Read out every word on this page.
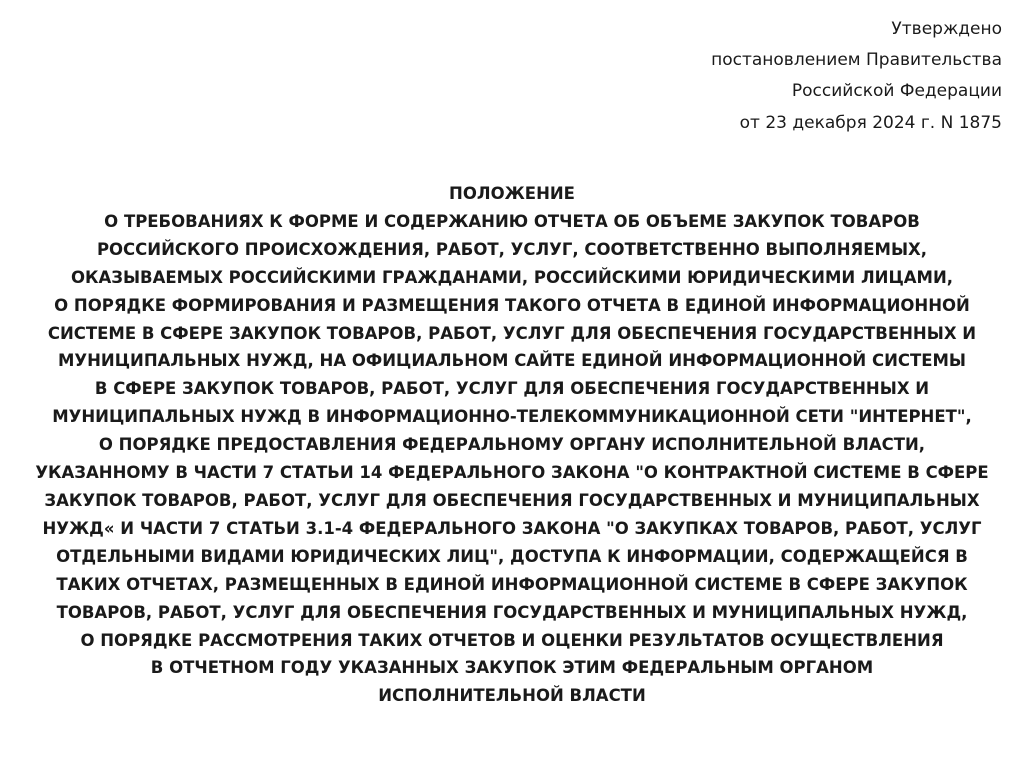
Утверждено
постановлением Правительства
Российской Федерации
от 23 декабря 2024 г. N 1875
ПОЛОЖЕНИЕ
О ТРЕБОВАНИЯХ К ФОРМЕ И СОДЕРЖАНИЮ ОТЧЕТА ОБ ОБЪЕМЕ ЗАКУПОК ТОВАРОВ
РОССИЙСКОГО ПРОИСХОЖДЕНИЯ, РАБОТ, УСЛУГ, СООТВЕТСТВЕННО ВЫПОЛНЯЕМЫХ,
ОКАЗЫВАЕМЫХ РОССИЙСКИМИ ГРАЖДАНАМИ, РОССИЙСКИМИ ЮРИДИЧЕСКИМИ ЛИЦАМИ,
О ПОРЯДКЕ ФОРМИРОВАНИЯ И РАЗМЕЩЕНИЯ ТАКОГО ОТЧЕТА В ЕДИНОЙ ИНФОРМАЦИОННОЙ
СИСТЕМЕ В СФЕРЕ ЗАКУПОК ТОВАРОВ, РАБОТ, УСЛУГ ДЛЯ ОБЕСПЕЧЕНИЯ ГОСУДАРСТВЕННЫХ И
МУНИЦИПАЛЬНЫХ НУЖД, НА ОФИЦИАЛЬНОМ САЙТЕ ЕДИНОЙ ИНФОРМАЦИОННОЙ СИСТЕМЫ
В СФЕРЕ ЗАКУПОК ТОВАРОВ, РАБОТ, УСЛУГ ДЛЯ ОБЕСПЕЧЕНИЯ ГОСУДАРСТВЕННЫХ И
МУНИЦИПАЛЬНЫХ НУЖД В ИНФОРМАЦИОННО-ТЕЛЕКОММУНИКАЦИОННОЙ СЕТИ "ИНТЕРНЕТ",
О ПОРЯДКЕ ПРЕДОСТАВЛЕНИЯ ФЕДЕРАЛЬНОМУ ОРГАНУ ИСПОЛНИТЕЛЬНОЙ ВЛАСТИ,
УКАЗАННОМУ В ЧАСТИ 7 СТАТЬИ 14 ФЕДЕРАЛЬНОГО ЗАКОНА "О КОНТРАКТНОЙ СИСТЕМЕ В СФЕРЕ
ЗАКУПОК ТОВАРОВ, РАБОТ, УСЛУГ ДЛЯ ОБЕСПЕЧЕНИЯ ГОСУДАРСТВЕННЫХ И МУНИЦИПАЛЬНЫХ
НУЖД« И ЧАСТИ 7 СТАТЬИ 3.1-4 ФЕДЕРАЛЬНОГО ЗАКОНА "О ЗАКУПКАХ ТОВАРОВ, РАБОТ, УСЛУГ
ОТДЕЛЬНЫМИ ВИДАМИ ЮРИДИЧЕСКИХ ЛИЦ", ДОСТУПА К ИНФОРМАЦИИ, СОДЕРЖАЩЕЙСЯ В
ТАКИХ ОТЧЕТАХ, РАЗМЕЩЕННЫХ В ЕДИНОЙ ИНФОРМАЦИОННОЙ СИСТЕМЕ В СФЕРЕ ЗАКУПОК
ТОВАРОВ, РАБОТ, УСЛУГ ДЛЯ ОБЕСПЕЧЕНИЯ ГОСУДАРСТВЕННЫХ И МУНИЦИПАЛЬНЫХ НУЖД,
О ПОРЯДКЕ РАССМОТРЕНИЯ ТАКИХ ОТЧЕТОВ И ОЦЕНКИ РЕЗУЛЬТАТОВ ОСУЩЕСТВЛЕНИЯ
В ОТЧЕТНОМ ГОДУ УКАЗАННЫХ ЗАКУПОК ЭТИМ ФЕДЕРАЛЬНЫМ ОРГАНОМ
ИСПОЛНИТЕЛЬНОЙ ВЛАСТИ
